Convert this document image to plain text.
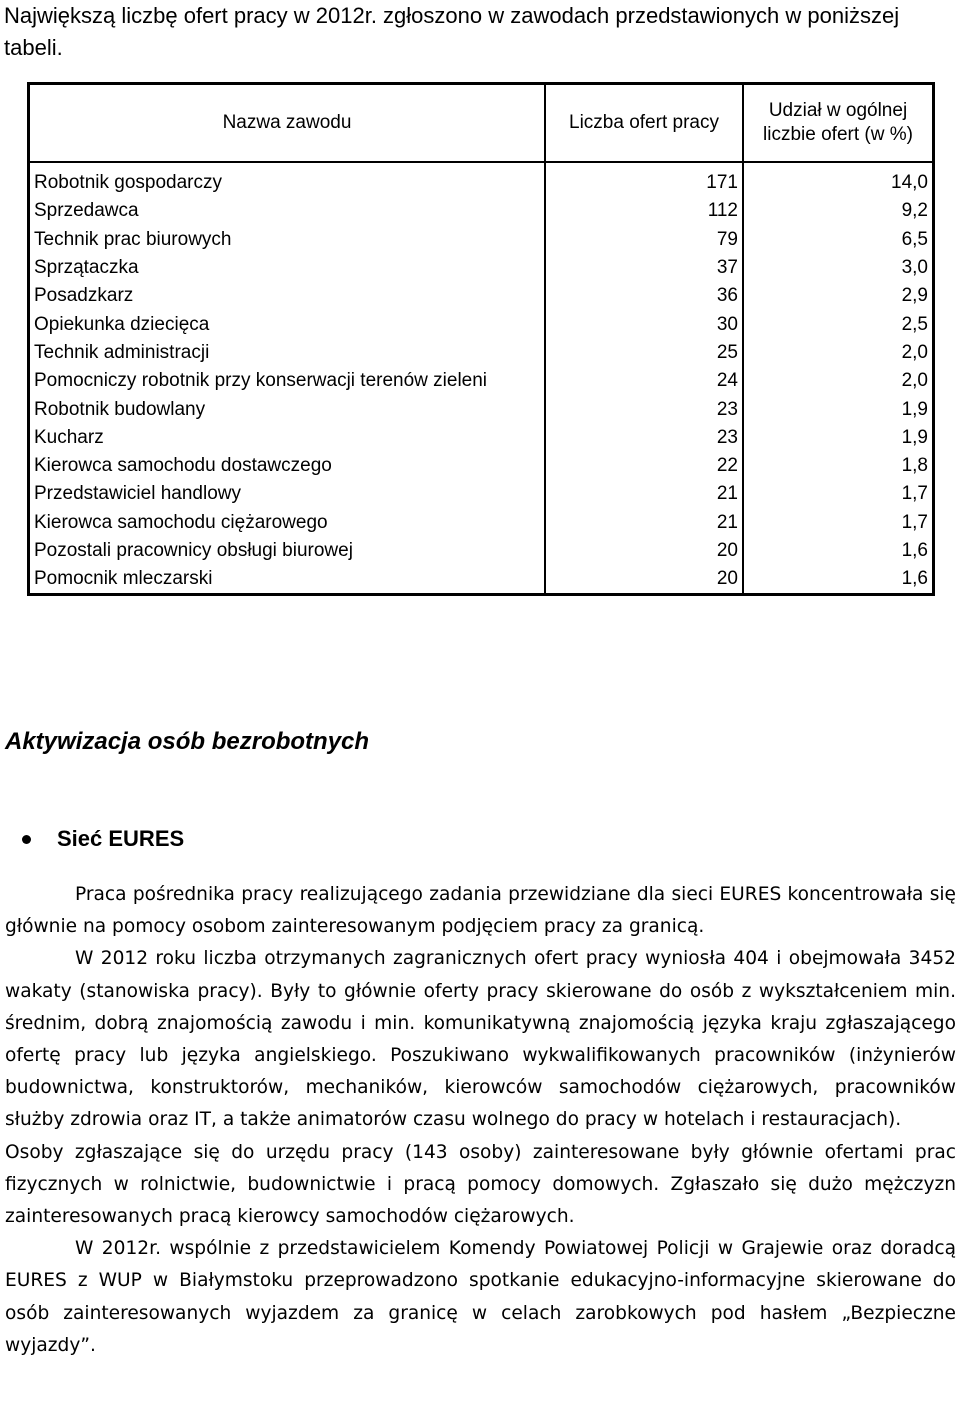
Największą liczbę ofert pracy w 2012r. zgłoszono w zawodach przedstawionych w poniższej tabeli.

Nazwa zawodu	Liczba ofert pracy	Udział w ogólnej liczbie ofert (w %)
Robotnik gospodarczy	171	14,0
Sprzedawca	112	9,2
Technik prac biurowych	79	6,5
Sprzątaczka	37	3,0
Posadzkarz	36	2,9
Opiekunka dziecięca	30	2,5
Technik administracji	25	2,0
Pomocniczy robotnik przy konserwacji terenów zieleni	24	2,0
Robotnik budowlany	23	1,9
Kucharz	23	1,9
Kierowca samochodu dostawczego	22	1,8
Przedstawiciel handlowy	21	1,7
Kierowca samochodu ciężarowego	21	1,7
Pozostali pracownicy obsługi biurowej	20	1,6
Pomocnik mleczarski	20	1,6
Aktywizacja osób bezrobotnych
Sieć EURES

Praca pośrednika pracy realizującego zadania przewidziane dla sieci EURES koncentrowała się głównie na pomocy osobom zainteresowanym podjęciem pracy za granicą.

W 2012 roku liczba otrzymanych zagranicznych ofert pracy wyniosła 404 i obejmowała 3452 wakaty (stanowiska pracy). Były to głównie oferty pracy skierowane do osób z wykształceniem min. średnim, dobrą znajomością zawodu i min. komunikatywną znajomością języka kraju zgłaszającego ofertę pracy lub języka angielskiego. Poszukiwano wykwalifikowanych pracowników (inżynierów budownictwa, konstruktorów, mechaników, kierowców samochodów ciężarowych, pracowników służby zdrowia oraz IT, a także animatorów czasu wolnego do pracy w hotelach i restauracjach).

Osoby zgłaszające się do urzędu pracy (143 osoby) zainteresowane były głównie ofertami prac fizycznych w rolnictwie, budownictwie i pracą pomocy domowych. Zgłaszało się dużo mężczyzn zainteresowanych pracą kierowcy samochodów ciężarowych.

W 2012r. wspólnie z przedstawicielem Komendy Powiatowej Policji w Grajewie oraz doradcą EURES z WUP w Białymstoku przeprowadzono spotkanie edukacyjno-informacyjne skierowane do osób zainteresowanych wyjazdem za granicę w celach zarobkowych pod hasłem „Bezpieczne wyjazdy”.
